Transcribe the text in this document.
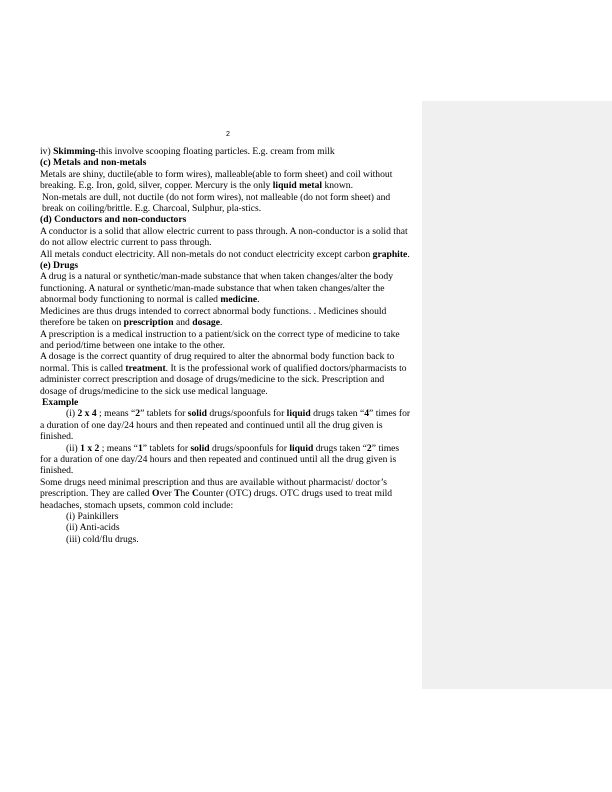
2

iv) Skimming-this involve scooping floating particles. E.g. cream from milk

(c) Metals and non-metals

Metals are shiny, ductile(able to form wires), malleable(able to form sheet) and coil without breaking. E.g. Iron, gold, silver, copper. Mercury is the only liquid metal known.

Non-metals are dull, not ductile (do not form wires), not malleable (do not form sheet) and break on coiling/brittle. E.g. Charcoal, Sulphur, pla-stics.

(d) Conductors and non-conductors

A conductor is a solid that allow electric current to pass through. A non-conductor is a solid that do not allow electric current to pass through.

All metals conduct electricity. All non-metals do not conduct electricity except carbon graphite.

(e) Drugs

A drug is a natural or synthetic/man-made substance that when taken changes/alter the body functioning. A natural or synthetic/man-made substance that when taken changes/alter the abnormal body functioning to normal is called medicine.

Medicines are thus drugs intended to correct abnormal body functions. . Medicines should therefore be taken on prescription and dosage.

A prescription is a medical instruction to a patient/sick on the correct type of medicine to take and period/time between one intake to the other.

A dosage is the correct quantity of drug required to alter the abnormal body function back to normal. This is called treatment. It is the professional work of qualified doctors/pharmacists to administer correct prescription and dosage of drugs/medicine to the sick. Prescription and dosage of drugs/medicine to the sick use medical language.

Example

(i) 2 x 4 ; means “2” tablets for solid drugs/spoonfuls for liquid drugs taken “4” times for a duration of one day/24 hours and then repeated and continued until all the drug given is finished.

(ii) 1 x 2 ; means “1” tablets for solid drugs/spoonfuls for liquid drugs taken “2” times for a duration of one day/24 hours and then repeated and continued until all the drug given is finished.

Some drugs need minimal prescription and thus are available without pharmacist/ doctor’s prescription. They are called Over The Counter (OTC) drugs. OTC drugs used to treat mild headaches, stomach upsets, common cold include:

(i) Painkillers

(ii) Anti-acids

(iii) cold/flu drugs.
